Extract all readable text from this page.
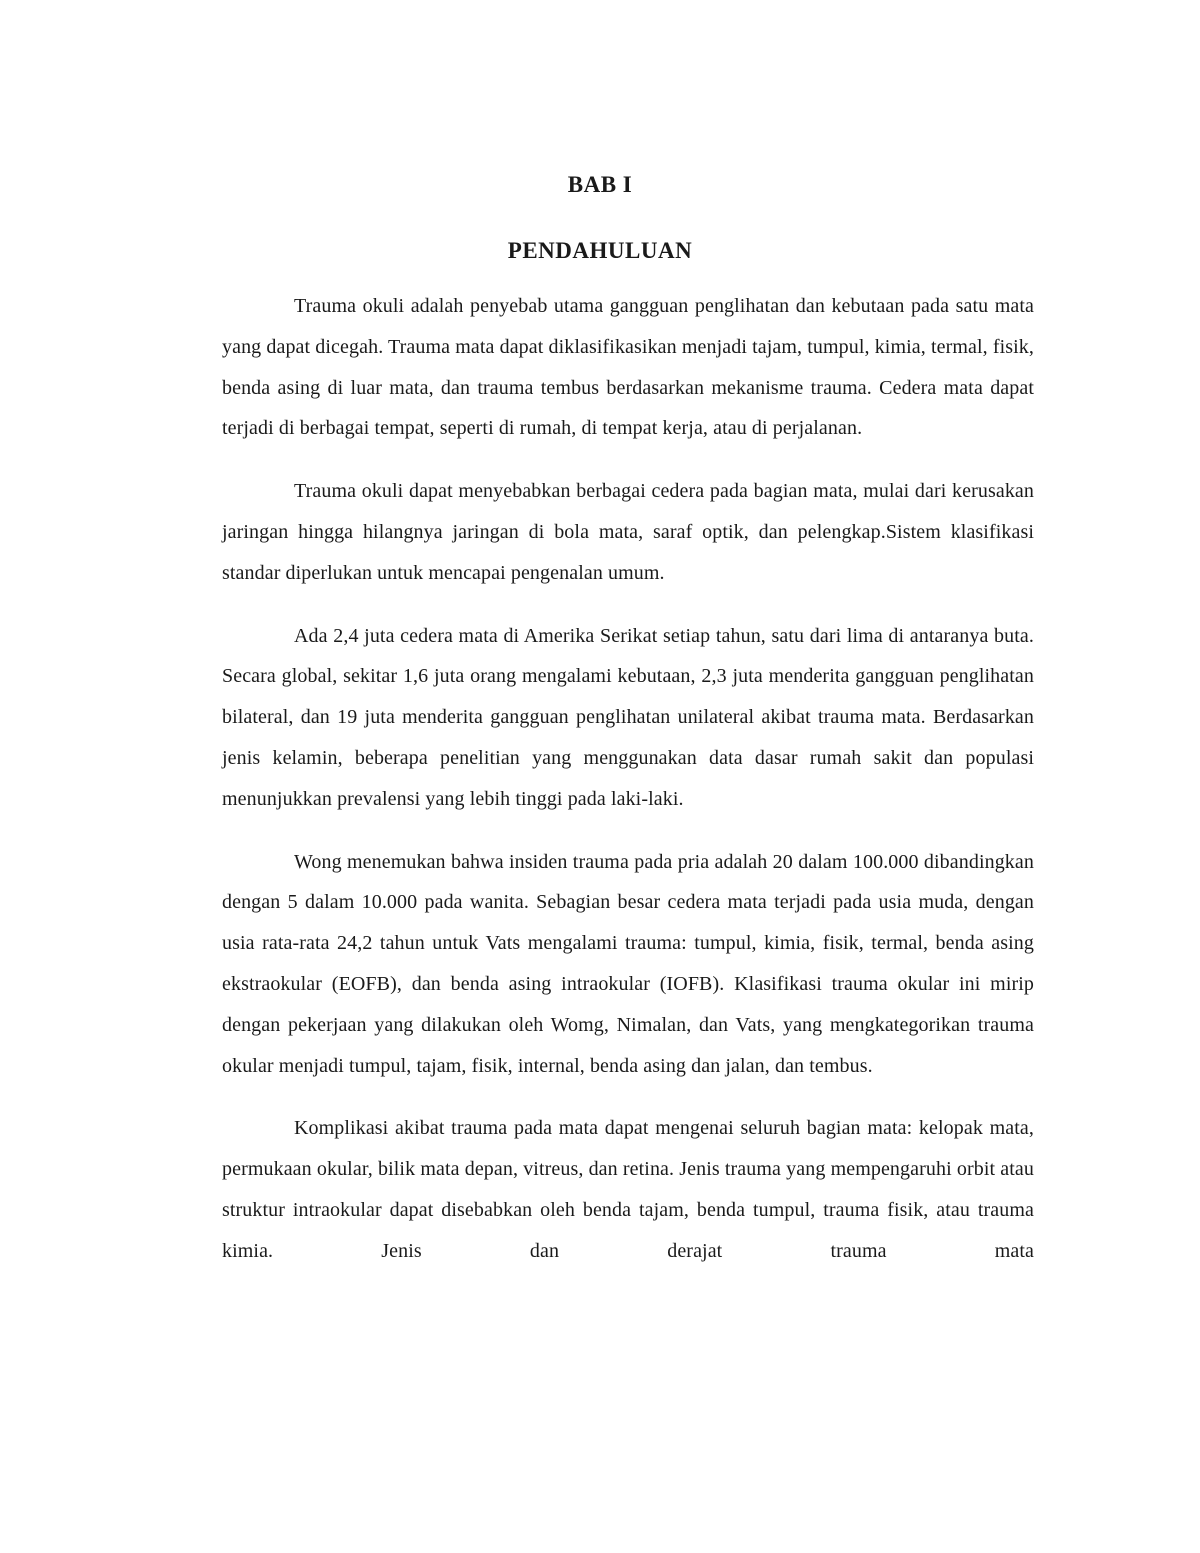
BAB I
PENDAHULUAN

Trauma okuli adalah penyebab utama gangguan penglihatan dan kebutaan pada satu mata yang dapat dicegah. Trauma mata dapat diklasifikasikan menjadi tajam, tumpul, kimia, termal, fisik, benda asing di luar mata, dan trauma tembus berdasarkan mekanisme trauma. Cedera mata dapat terjadi di berbagai tempat, seperti di rumah, di tempat kerja, atau di perjalanan.

Trauma okuli dapat menyebabkan berbagai cedera pada bagian mata, mulai dari kerusakan jaringan hingga hilangnya jaringan di bola mata, saraf optik, dan pelengkap.Sistem klasifikasi standar diperlukan untuk mencapai pengenalan umum.

Ada 2,4 juta cedera mata di Amerika Serikat setiap tahun, satu dari lima di antaranya buta. Secara global, sekitar 1,6 juta orang mengalami kebutaan, 2,3 juta menderita gangguan penglihatan bilateral, dan 19 juta menderita gangguan penglihatan unilateral akibat trauma mata. Berdasarkan jenis kelamin, beberapa penelitian yang menggunakan data dasar rumah sakit dan populasi menunjukkan prevalensi yang lebih tinggi pada laki-laki.

Wong menemukan bahwa insiden trauma pada pria adalah 20 dalam 100.000 dibandingkan dengan 5 dalam 10.000 pada wanita. Sebagian besar cedera mata terjadi pada usia muda, dengan usia rata-rata 24,2 tahun untuk Vats mengalami trauma: tumpul, kimia, fisik, termal, benda asing ekstraokular (EOFB), dan benda asing intraokular (IOFB). Klasifikasi trauma okular ini mirip dengan pekerjaan yang dilakukan oleh Womg, Nimalan, dan Vats, yang mengkategorikan trauma okular menjadi tumpul, tajam, fisik, internal, benda asing dan jalan, dan tembus.

Komplikasi akibat trauma pada mata dapat mengenai seluruh bagian mata: kelopak mata, permukaan okular, bilik mata depan, vitreus, dan retina. Jenis trauma yang mempengaruhi orbit atau struktur intraokular dapat disebabkan oleh benda tajam, benda tumpul, trauma fisik, atau trauma kimia. Jenis dan derajat trauma mata
